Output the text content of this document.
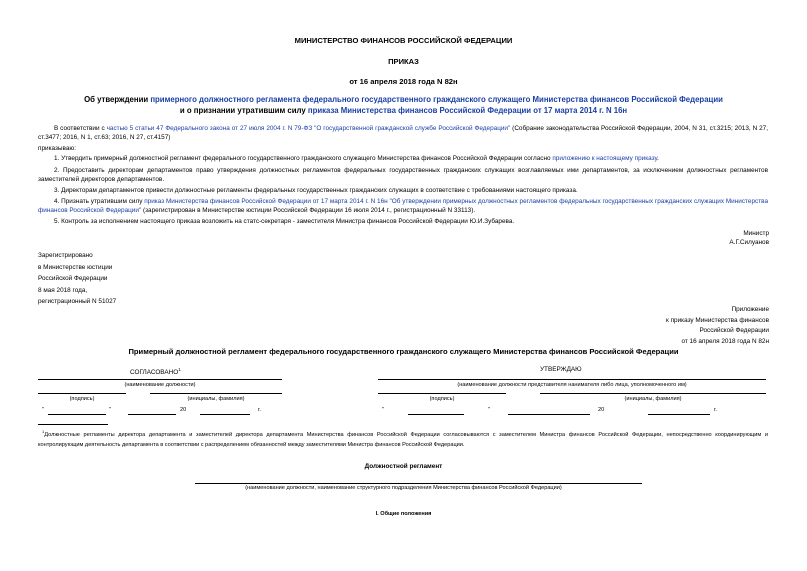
МИНИСТЕРСТВО ФИНАНСОВ РОССИЙСКОЙ ФЕДЕРАЦИИ
ПРИКАЗ
от 16 апреля 2018 года N 82н
Об утверждении примерного должностного регламента федерального государственного гражданского служащего Министерства финансов Российской Федерации
и о признании утратившим силу приказа Министерства финансов Российской Федерации от 17 марта 2014 г. N 16н
В соответствии с частью 5 статьи 47 Федерального закона от 27 июля 2004 г. N 79-ФЗ "О государственной гражданской службе Российской Федерации" (Собрание законодательства Российской Федерации, 2004, N 31, ст.3215; 2013, N 27, ст.3477; 2016, N 1, ст.63; 2016, N 27, ст.4157)
приказываю:
1. Утвердить примерный должностной регламент федерального государственного гражданского служащего Министерства финансов Российской Федерации согласно приложению к настоящему приказу.
2. Предоставить директорам департаментов право утверждения должностных регламентов федеральных государственных гражданских служащих возглавляемых ими департаментов, за исключением должностных регламентов заместителей директоров департаментов.
3. Директорам департаментов привести должностные регламенты федеральных государственных гражданских служащих в соответствие с требованиями настоящего приказа.
4. Признать утратившим силу приказ Министерства финансов Российской Федерации от 17 марта 2014 г. N 16н "Об утверждении примерных должностных регламентов федеральных государственных гражданских служащих Министерства финансов Российской Федерации" (зарегистрирован в Министерстве юстиции Российской Федерации 16 июля 2014 г., регистрационный N 33113).
5. Контроль за исполнением настоящего приказа возложить на статс-секретаря - заместителя Министра финансов Российской Федерации Ю.И.Зубарева.
Министр
А.Г.Силуанов
Зарегистрировано
в Министерстве юстиции
Российской Федерации
8 мая 2018 года,
регистрационный N 51027
Приложение
к приказу Министерства финансов
Российской Федерации
от 16 апреля 2018 года N 82н
Примерный должностной регламент федерального государственного гражданского служащего Министерства финансов Российской Федерации
СОГЛАСОВАНО$^1$
(наименование должности)
(подпись)	(инициалы, фамилия)
"	"	20	г.
УТВЕРЖДАЮ
(наименование должности представителя нанимателя либо лица, уполномоченного им)
(подпись)	(инициалы, фамилия)
"	"	20	г.
$^1$Должностные регламенты директора департамента и заместителей директора департамента Министерства финансов Российской Федерации согласовываются с заместителем Министра финансов Российской Федерации, непосредственно координирующим и контролирующим деятельность департамента в соответствии с распределением обязанностей между заместителями Министра финансов Российской Федерации.
Должностной регламент
(наименование должности, наименование структурного подразделения Министерства финансов Российской Федерации)
I. Общие положения
